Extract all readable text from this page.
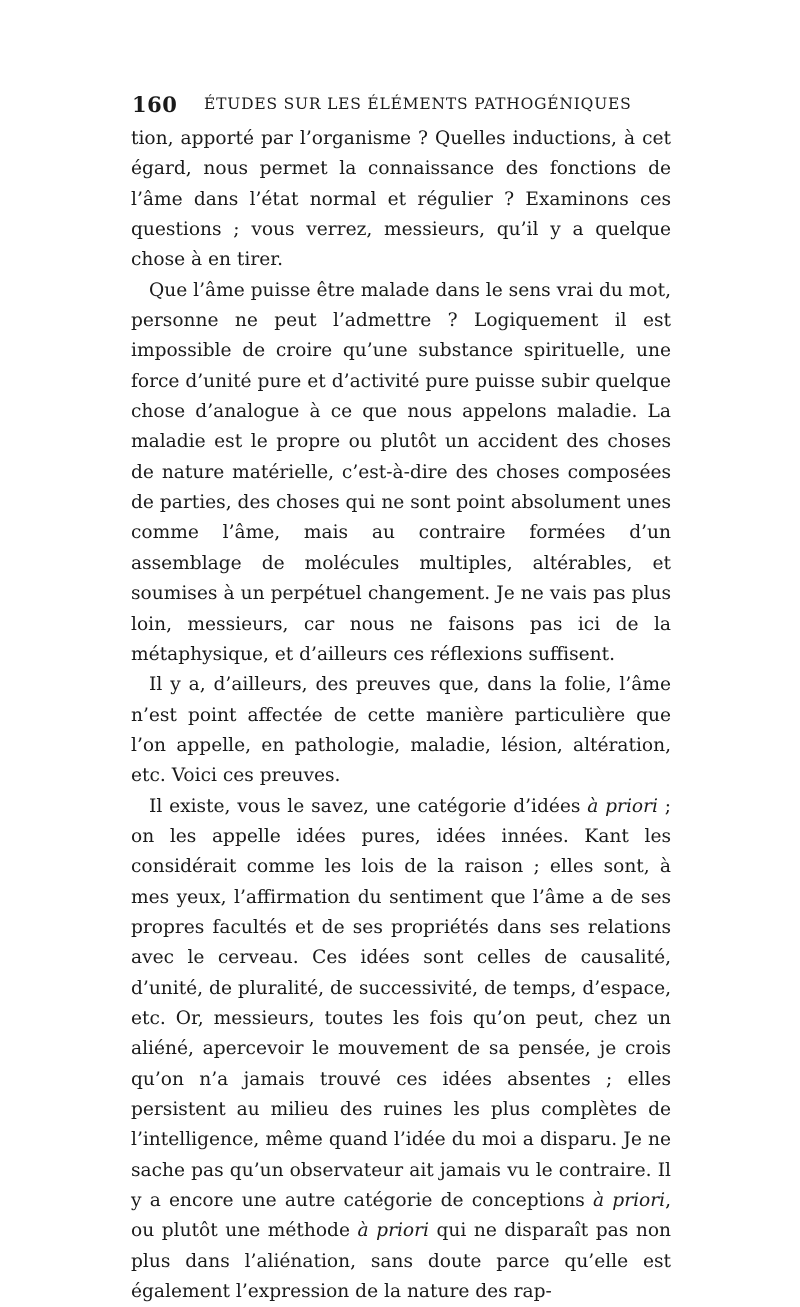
160 ÉTUDES SUR LES ÉLÉMENTS PATHOGÉNIQUES

tion, apporté par l’organisme ? Quelles inductions, à cet égard, nous permet la connaissance des fonctions de l’âme dans l’état normal et régulier ? Examinons ces questions ; vous verrez, messieurs, qu’il y a quelque chose à en tirer.

Que l’âme puisse être malade dans le sens vrai du mot, personne ne peut l’admettre ? Logiquement il est impossible de croire qu’une substance spirituelle, une force d’unité pure et d’activité pure puisse subir quelque chose d’analogue à ce que nous appelons maladie. La maladie est le propre ou plutôt un accident des choses de nature matérielle, c’est-à-dire des choses composées de parties, des choses qui ne sont point absolument unes comme l’âme, mais au contraire formées d’un assemblage de molécules multiples, altérables, et soumises à un perpétuel changement. Je ne vais pas plus loin, messieurs, car nous ne faisons pas ici de la métaphysique, et d’ailleurs ces réflexions suffisent.

Il y a, d’ailleurs, des preuves que, dans la folie, l’âme n’est point affectée de cette manière particulière que l’on appelle, en pathologie, maladie, lésion, altération, etc. Voici ces preuves.

Il existe, vous le savez, une catégorie d’idées à priori ; on les appelle idées pures, idées innées. Kant les considérait comme les lois de la raison ; elles sont, à mes yeux, l’affirmation du sentiment que l’âme a de ses propres facultés et de ses propriétés dans ses relations avec le cerveau. Ces idées sont celles de causalité, d’unité, de pluralité, de successivité, de temps, d’espace, etc. Or, messieurs, toutes les fois qu’on peut, chez un aliéné, apercevoir le mouvement de sa pensée, je crois qu’on n’a jamais trouvé ces idées absentes ; elles persistent au milieu des ruines les plus complètes de l’intelligence, même quand l’idée du moi a disparu. Je ne sache pas qu’un observateur ait jamais vu le contraire. Il y a encore une autre catégorie de conceptions à priori, ou plutôt une méthode à priori qui ne disparaît pas non plus dans l’aliénation, sans doute parce qu’elle est également l’expression de la nature des rap-
